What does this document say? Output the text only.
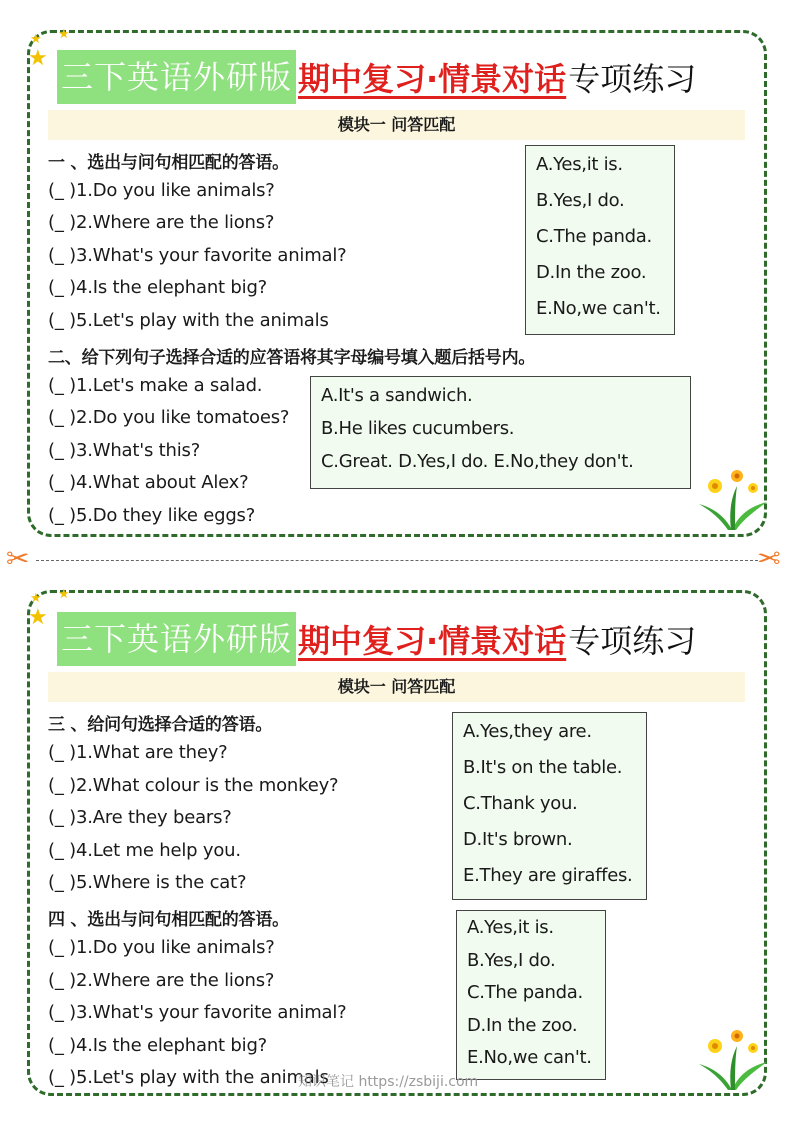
★
★ ★
三下英语外研版 期中复习·情景对话 专项练习
模块一 问答匹配
一 、选出与问句相匹配的答语。
(_ )1.Do you like animals?
(_ )2.Where are the lions?
(_ )3.What's your favorite animal?
(_ )4.Is the elephant big?
(_ )5.Let's play with the animals
A.Yes,it is.
B.Yes,I do.
C.The panda.
D.In the zoo.
E.No,we can't.
二、给下列句子选择合适的应答语将其字母编号填入题后括号内。
(_ )1.Let's make a salad.
(_ )2.Do you like tomatoes?
(_ )3.What's this?
(_ )4.What about Alex?
(_ )5.Do they like eggs?
A.It's a sandwich.
B.He likes cucumbers.
C.Great. D.Yes,I do. E.No,they don't.
✂	✂
★
★ ★
三下英语外研版 期中复习·情景对话 专项练习
模块一 问答匹配
三 、给问句选择合适的答语。
(_ )1.What are they?
(_ )2.What colour is the monkey?
(_ )3.Are they bears?
(_ )4.Let me help you.
(_ )5.Where is the cat?
A.Yes,they are.
B.It's on the table.
C.Thank you.
D.It's brown.
E.They are giraffes.
四 、选出与问句相匹配的答语。
(_ )1.Do you like animals?
(_ )2.Where are the lions?
(_ )3.What's your favorite animal?
(_ )4.Is the elephant big?
(_ )5.Let's play with the animals
A.Yes,it is.
B.Yes,I do.
C.The panda.
D.In the zoo.
E.No,we can't.
知识笔记 https://zsbiji.com
